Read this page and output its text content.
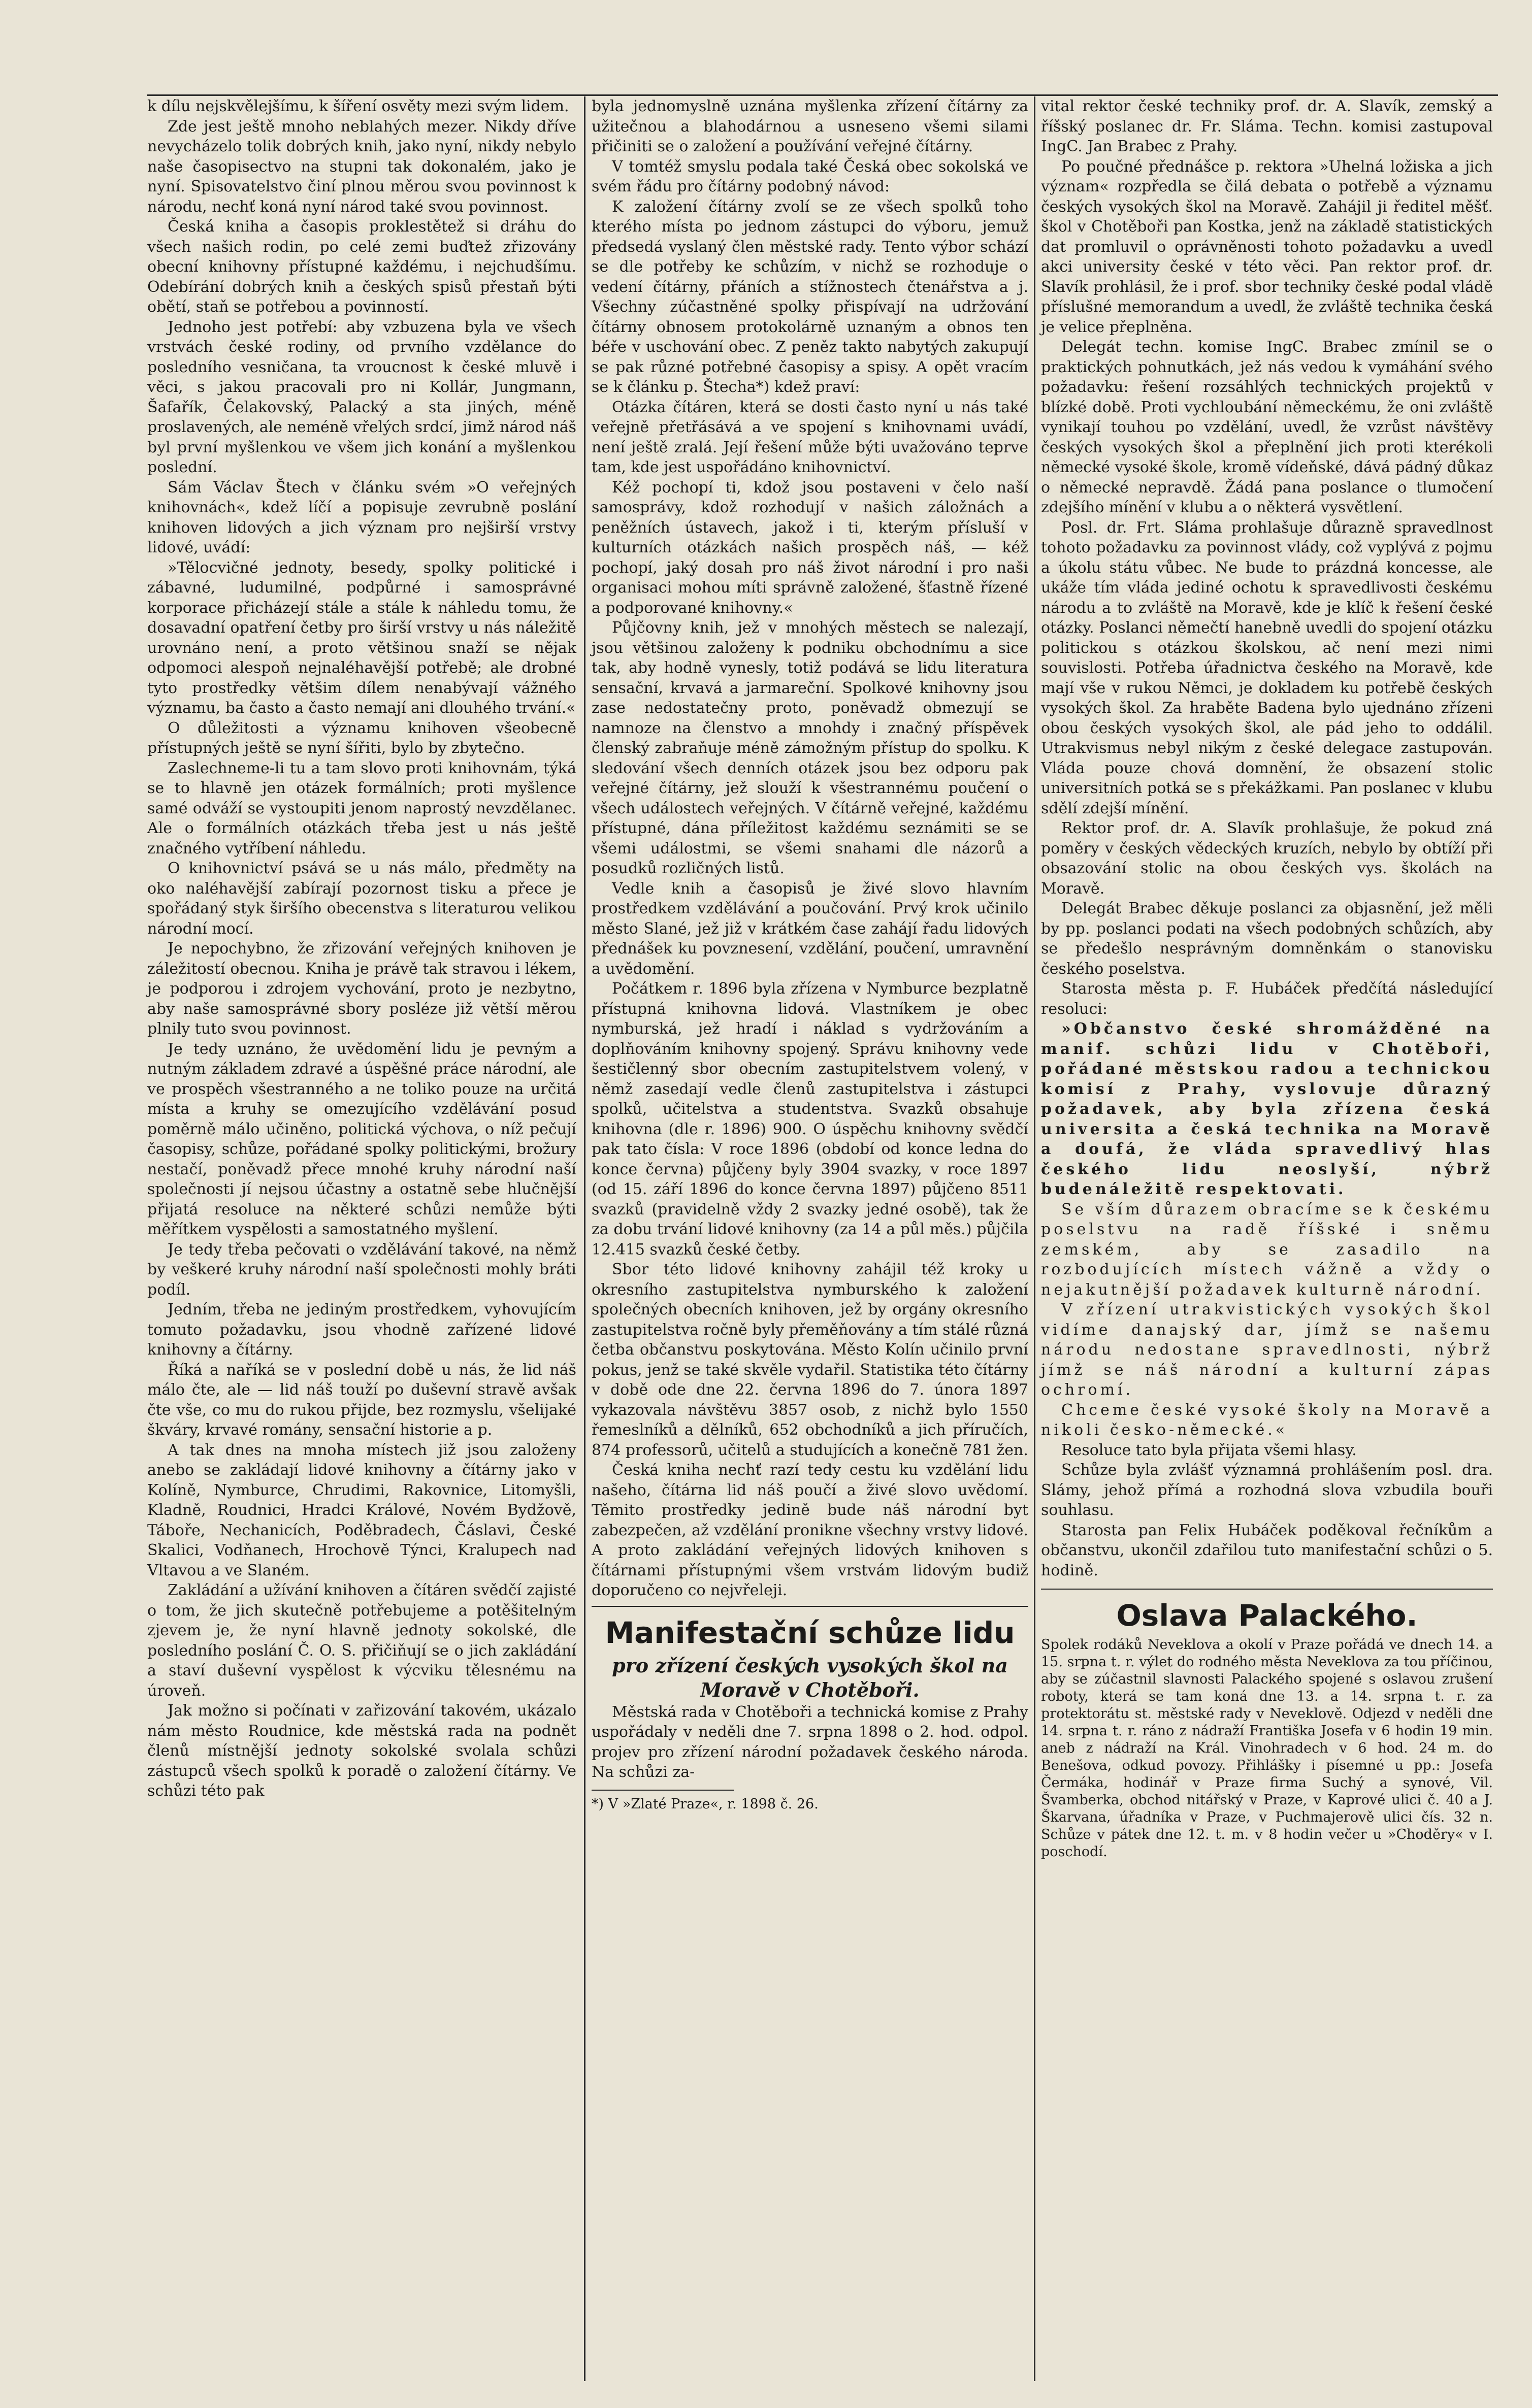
k dílu nejskvělejšímu, k šíření osvěty mezi svým lidem.

Zde jest ještě mnoho neblahých mezer. Nikdy dříve nevycházelo tolik dobrých knih, jako nyní, nikdy nebylo naše časopisectvo na stupni tak dokonalém, jako je nyní. Spisovatelstvo činí plnou měrou svou povinnost k národu, nechť koná nyní národ také svou povinnost.

Česká kniha a časopis proklestětež si dráhu do všech našich rodin, po celé zemi buďtež zřizovány obecní knihovny přístupné každému, i nejchudšímu. Odebírání dobrých knih a českých spisů přestaň býti obětí, staň se potřebou a povinností.

Jednoho jest potřebí: aby vzbuzena byla ve všech vrstvách české rodiny, od prvního vzdělance do posledního vesničana, ta vroucnost k české mluvě i věci, s jakou pracovali pro ni Kollár, Jungmann, Šafařík, Čelakovský, Palacký a sta jiných, méně proslavených, ale neméně vřelých srdcí, jimž národ náš byl první myšlenkou ve všem jich konání a myšlenkou poslední.

Sám Václav Štech v článku svém »O veřejných knihovnách«, kdež líčí a popisuje zevrubně poslání knihoven lidových a jich význam pro nejširší vrstvy lidové, uvádí:

»Tělocvičné jednoty, besedy, spolky politické i zábavné, ludumilné, podpůrné i samosprávné korporace přicházejí stále a stále k náhledu tomu, že dosavadní opatření četby pro širší vrstvy u nás náležitě urovnáno není, a proto většinou snaží se nějak odpomoci alespoň nejnaléhavější potřebě; ale drobné tyto prostředky většim dílem nenabývají vážného významu, ba často a často nemají ani dlouhého trvání.«

O důležitosti a významu knihoven všeobecně přístupných ještě se nyní šířiti, bylo by zbytečno.

Zaslechneme-li tu a tam slovo proti knihovnám, týká se to hlavně jen otázek formálních; proti myšlence samé odváží se vystoupiti jenom naprostý nevzdělanec. Ale o formálních otázkách třeba jest u nás ještě značného vytříbení náhledu.

O knihovnictví psává se u nás málo, předměty na oko naléhavější zabírají pozornost tisku a přece je spořádaný styk širšího obecenstva s literaturou velikou národní mocí.

Je nepochybno, že zřizování veřejných knihoven je záležitostí obecnou. Kniha je právě tak stravou i lékem, je podporou i zdrojem vychování, proto je nezbytno, aby naše samosprávné sbory posléze již větší měrou plnily tuto svou povinnost.

Je tedy uznáno, že uvědomění lidu je pevným a nutným základem zdravé a úspěšné práce národní, ale ve prospěch všestranného a ne toliko pouze na určitá místa a kruhy se omezujícího vzdělávání posud poměrně málo učiněno, politická výchova, o níž pečují časopisy, schůze, pořádané spolky politickými, brožury nestačí, poněvadž přece mnohé kruhy národní naší společnosti jí nejsou účastny a ostatně sebe hlučnější přijatá resoluce na některé schůzi nemůže býti měřítkem vyspělosti a samostatného myšlení.

Je tedy třeba pečovati o vzdělávání takové, na němž by veškeré kruhy národní naší společnosti mohly bráti podíl.

Jedním, třeba ne jediným prostředkem, vyhovujícím tomuto požadavku, jsou vhodně zařízené lidové knihovny a čítárny.

Říká a naříká se v poslední době u nás, že lid náš málo čte, ale — lid náš touží po duševní stravě avšak čte vše, co mu do rukou přijde, bez rozmyslu, všelijaké škváry, krvavé romány, sensační historie a p.

A tak dnes na mnoha místech již jsou založeny anebo se zakládají lidové knihovny a čítárny jako v Kolíně, Nymburce, Chrudimi, Rakovnice, Litomyšli, Kladně, Roudnici, Hradci Králové, Novém Bydžově, Táboře, Nechanicích, Poděbradech, Čáslavi, České Skalici, Vodňanech, Hrochově Týnci, Kralupech nad Vltavou a ve Slaném.

Zakládání a užívání knihoven a čítáren svědčí zajisté o tom, že jich skutečně potřebujeme a potěšitelným zjevem je, že nyní hlavně jednoty sokolské, dle posledního poslání Č. O. S. přičiňují se o jich zakládání a staví duševní vyspělost k výcviku tělesnému na úroveň.

Jak možno si počínati v zařizování takovém, ukázalo nám město Roudnice, kde městská rada na podnět členů místnější jednoty sokolské svolala schůzi zástupců všech spolků k poradě o založení čítárny. Ve schůzi této pak

byla jednomyslně uznána myšlenka zřízení čítárny za užitečnou a blahodárnou a usneseno všemi silami přičiniti se o založení a používání veřejné čítárny.

V tomtéž smyslu podala také Česká obec sokolská ve svém řádu pro čítárny podobný návod:

K založení čítárny zvolí se ze všech spolků toho kterého místa po jednom zástupci do výboru, jemuž předsedá vyslaný člen městské rady. Tento výbor schází se dle potřeby ke schůzím, v nichž se rozhoduje o vedení čítárny, přáních a stížnostech čtenářstva a j. Všechny zúčastněné spolky přispívají na udržování čítárny obnosem protokolárně uznaným a obnos ten béře v uschování obec. Z peněz takto nabytých zakupují se pak různé potřebné časopisy a spisy. A opět vracím se k článku p. Štecha*) kdež praví:

Otázka čítáren, která se dosti často nyní u nás také veřejně přetřásává a ve spojení s knihovnami uvádí, není ještě zralá. Její řešení může býti uvažováno teprve tam, kde jest uspořádáno knihovnictví.

Kéž pochopí ti, kdož jsou postaveni v čelo naší samosprávy, kdož rozhodují v našich záložnách a peněžních ústavech, jakož i ti, kterým přísluší v kulturních otázkách našich prospěch náš, — kéž pochopí, jaký dosah pro náš život národní i pro naši organisaci mohou míti správně založené, šťastně řízené a podporované knihovny.«

Půjčovny knih, jež v mnohých městech se nalezají, jsou většinou založeny k podniku obchodnímu a sice tak, aby hodně vynesly, totiž podává se lidu literatura sensační, krvavá a jarmareční. Spolkové knihovny jsou zase nedostatečny proto, poněvadž obmezují se namnoze na členstvo a mnohdy i značný příspěvek členský zabraňuje méně zámožným přístup do spolku. K sledování všech denních otázek jsou bez odporu pak veřejné čítárny, jež slouží k všestrannému poučení o všech událostech veřejných. V čítárně veřejné, každému přístupné, dána příležitost každému seznámiti se se všemi událostmi, se všemi snahami dle názorů a posudků rozličných listů.

Vedle knih a časopisů je živé slovo hlavním prostředkem vzdělávání a poučování. Prvý krok učinilo město Slané, jež již v krátkém čase zahájí řadu lidových přednášek ku povznesení, vzdělání, poučení, umravnění a uvědomění.

Počátkem r. 1896 byla zřízena v Nymburce bezplatně přístupná knihovna lidová. Vlastníkem je obec nymburská, jež hradí i náklad s vydržováním a doplňováním knihovny spojený. Správu knihovny vede šestičlenný sbor obecním zastupitelstvem volený, v němž zasedají vedle členů zastupitelstva i zástupci spolků, učitelstva a studentstva. Svazků obsahuje knihovna (dle r. 1896) 900. O úspěchu knihovny svědčí pak tato čísla: V roce 1896 (období od konce ledna do konce června) půjčeny byly 3904 svazky, v roce 1897 (od 15. září 1896 do konce června 1897) půjčeno 8511 svazků (pravidelně vždy 2 svazky jedné osobě), tak že za dobu trvání lidové knihovny (za 14 a půl měs.) půjčila 12.415 svazků české četby.

Sbor této lidové knihovny zahájil též kroky u okresního zastupitelstva nymburského k založení společných obecních knihoven, jež by orgány okresního zastupitelstva ročně byly přeměňovány a tím stálé různá četba občanstvu poskytována. Město Kolín učinilo první pokus, jenž se také skvěle vydařil. Statistika této čítárny v době ode dne 22. června 1896 do 7. února 1897 vykazovala návštěvu 3857 osob, z nichž bylo 1550 řemeslníků a dělníků, 652 obchodníků a jich příručích, 874 professorů, učitelů a studujících a konečně 781 žen.

Česká kniha nechť razí tedy cestu ku vzdělání lidu našeho, čítárna lid náš poučí a živé slovo uvědomí. Těmito prostředky jedině bude náš národní byt zabezpečen, až vzdělání pronikne všechny vrstvy lidové. A proto zakládání veřejných lidových knihoven s čítárnami přístupnými všem vrstvám lidovým budiž doporučeno co nejvřeleji.

Manifestační schůze lidu
pro zřízení českých vysokých škol na Moravě v Chotěboři.

Městská rada v Chotěboři a technická komise z Prahy uspořádaly v neděli dne 7. srpna 1898 o 2. hod. odpol. projev pro zřízení národní požadavek českého národa. Na schůzi za-

*) V »Zlaté Praze«, r. 1898 č. 26.

vital rektor české techniky prof. dr. A. Slavík, zemský a říšský poslanec dr. Fr. Sláma. Techn. komisi zastupoval IngC. Jan Brabec z Prahy.

Po poučné přednášce p. rektora »Uhelná ložiska a jich význam« rozpředla se čilá debata o potřebě a významu českých vysokých škol na Moravě. Zahájil ji ředitel měšť. škol v Chotěboři pan Kostka, jenž na základě statistických dat promluvil o oprávněnosti tohoto požadavku a uvedl akci university české v této věci. Pan rektor prof. dr. Slavík prohlásil, že i prof. sbor techniky české podal vládě příslušné memorandum a uvedl, že zvláště technika česká je velice přeplněna.

Delegát techn. komise IngC. Brabec zmínil se o praktických pohnutkách, jež nás vedou k vymáhání svého požadavku: řešení rozsáhlých technických projektů v blízké době. Proti vychloubání německému, že oni zvláště vynikají touhou po vzdělání, uvedl, že vzrůst návštěvy českých vysokých škol a přeplnění jich proti kterékoli německé vysoké škole, kromě vídeňské, dává pádný důkaz o německé nepravdě. Žádá pana poslance o tlumočení zdejšího mínění v klubu a o některá vysvětlení.

Posl. dr. Frt. Sláma prohlašuje důrazně spravedlnost tohoto požadavku za povinnost vlády, což vyplývá z pojmu a úkolu státu vůbec. Ne bude to prázdná koncesse, ale ukáže tím vláda jediné ochotu k spravedlivosti českému národu a to zvláště na Moravě, kde je klíč k řešení české otázky. Poslanci němečtí hanebně uvedli do spojení otázku politickou s otázkou školskou, ač není mezi nimi souvislosti. Potřeba úřadnictva českého na Moravě, kde mají vše v rukou Němci, je dokladem ku potřebě českých vysokých škol. Za hraběte Badena bylo ujednáno zřízeni obou českých vysokých škol, ale pád jeho to oddálil. Utrakvismus nebyl nikým z české delegace zastupován. Vláda pouze chová domnění, že obsazení stolic universitních potká se s překážkami. Pan poslanec v klubu sdělí zdejší mínění.

Rektor prof. dr. A. Slavík prohlašuje, že pokud zná poměry v českých vědeckých kruzích, nebylo by obtíží při obsazování stolic na obou českých vys. školách na Moravě.

Delegát Brabec děkuje poslanci za objasnění, jež měli by pp. poslanci podati na všech podobných schůzích, aby se předešlo nesprávným domněnkám o stanovisku českého poselstva.

Starosta města p. F. Hubáček předčítá následující resoluci:

»Občanstvo české shromážděné na manif. schůzi lidu v Chotěboři, pořádané městskou radou a technickou komisí z Prahy, vyslovuje důrazný požadavek, aby byla zřízena česká universita a česká technika na Moravě a doufá, že vláda spravedlivý hlas českého lidu neoslyší, nýbrž budenáležitě respektovati.

Se vším důrazem obracíme se k českému poselstvu na radě říšské i sněmu zemském, aby se zasadilo na rozbodujících místech vážně a vždy o nejakutnější požadavek kulturně národní.

V zřízení utrakvistických vysokých škol vidíme danajský dar, jímž se našemu národu nedostane spravedlnosti, nýbrž jímž se náš národní a kulturní zápas ochromí.

Chceme české vysoké školy na Moravě a nikoli česko-německé.«

Resoluce tato byla přijata všemi hlasy.

Schůze byla zvlášť významná prohlášením posl. dra. Slámy, jehož přímá a rozhodná slova vzbudila bouři souhlasu.

Starosta pan Felix Hubáček poděkoval řečníkům a občanstvu, ukončil zdařilou tuto manifestační schůzi o 5. hodině.

Oslava Palackého.

Spolek rodáků Neveklova a okolí v Praze pořádá ve dnech 14. a 15. srpna t. r. výlet do rodného města Neveklova za tou příčinou, aby se zúčastnil slavnosti Palackého spojené s oslavou zrušení roboty, která se tam koná dne 13. a 14. srpna t. r. za protektorátu st. městské rady v Neveklově. Odjezd v neděli dne 14. srpna t. r. ráno z nádraží Františka Josefa v 6 hodin 19 min. aneb z nádraží na Král. Vinohradech v 6 hod. 24 m. do Benešova, odkud povozy. Přihlášky i písemné u pp.: Josefa Čermáka, hodinář v Praze firma Suchý a synové, Vil. Švamberka, obchod nitářský v Praze, v Kaprové ulici č. 40 a J. Škarvana, úřadníka v Praze, v Puchmajerově ulici čís. 32 n. Schůze v pátek dne 12. t. m. v 8 hodin večer u »Choděry« v I. poschodí.
